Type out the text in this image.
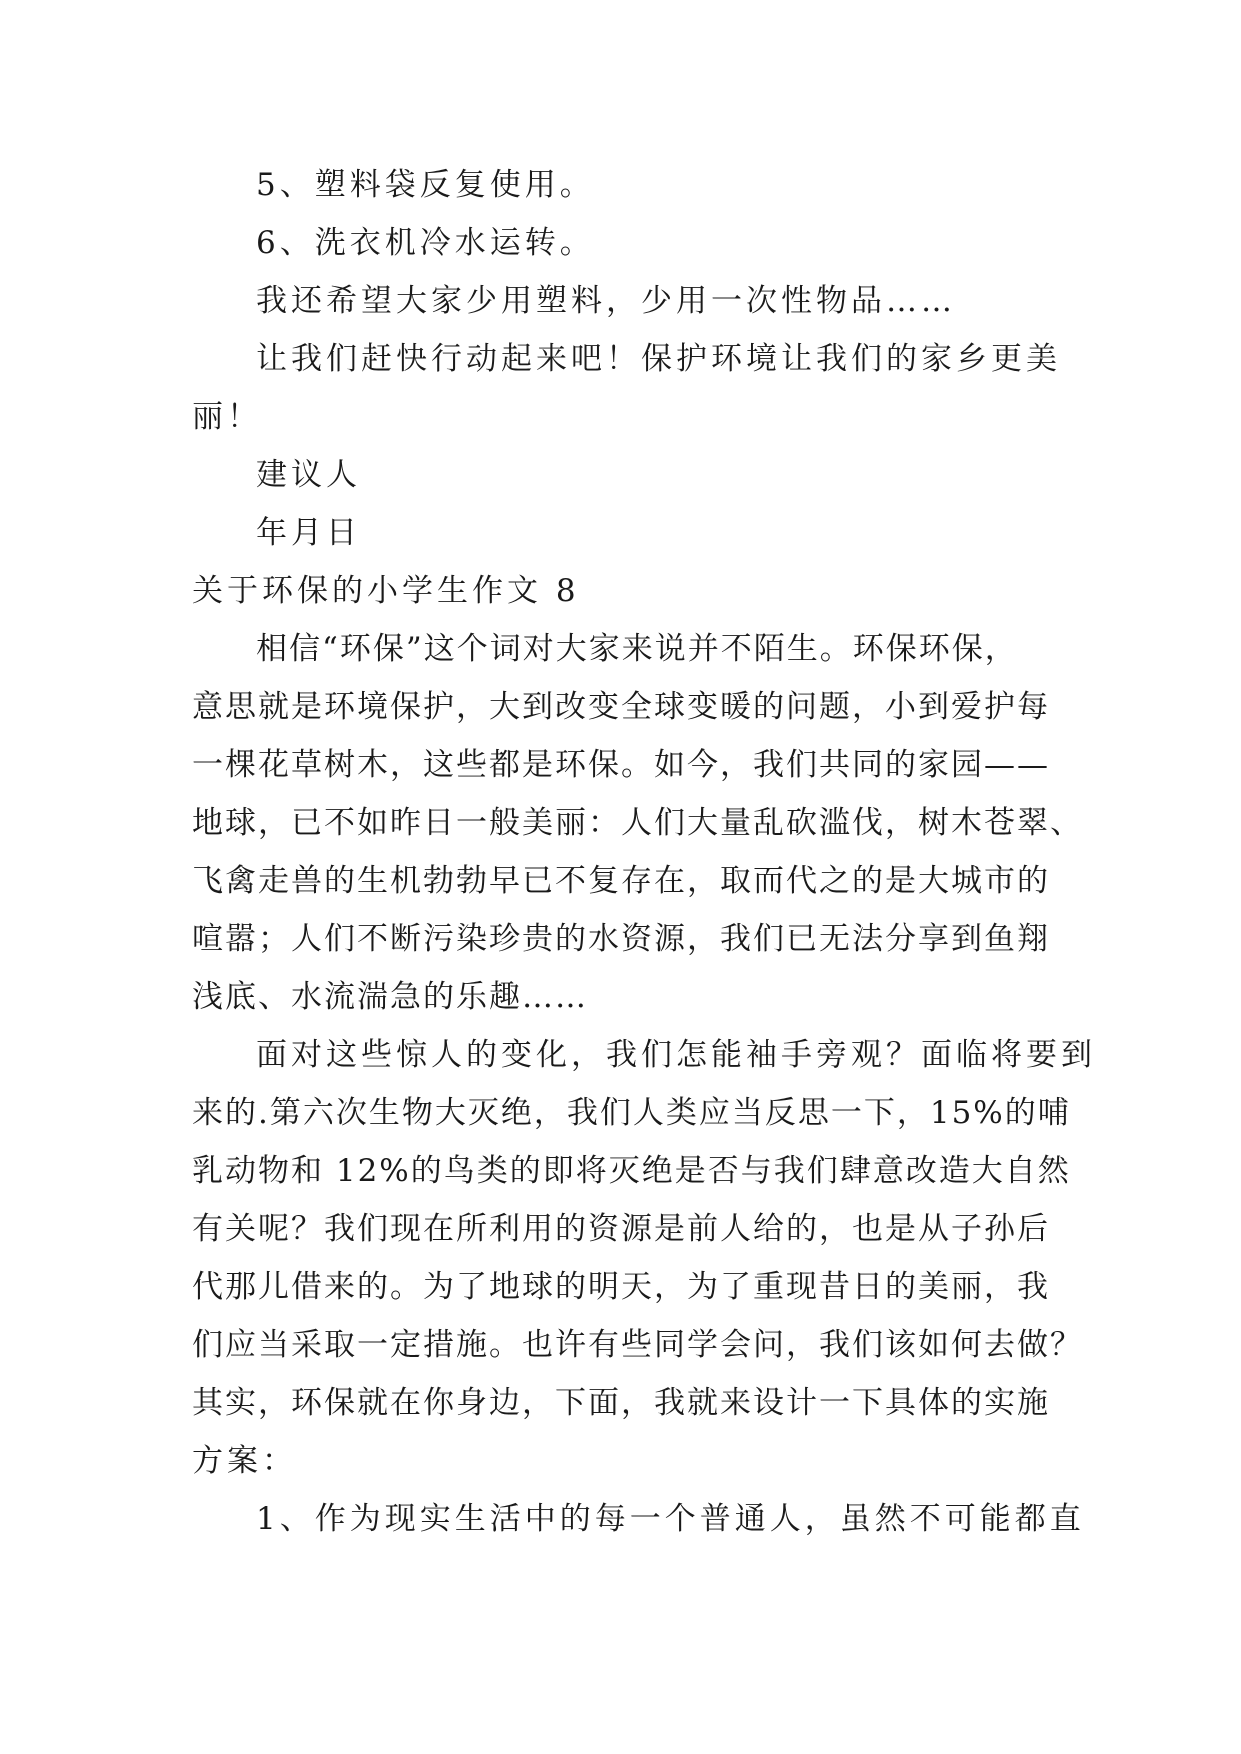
5、塑料袋反复使用。
6、洗衣机冷水运转。
我还希望大家少用塑料，少用一次性物品……
让我们赶快行动起来吧！保护环境让我们的家乡更美
丽！
建议人
年月日
关于环保的小学生作文 8
相信“环保”这个词对大家来说并不陌生。环保环保，
意思就是环境保护，大到改变全球变暖的问题，小到爱护每
一棵花草树木，这些都是环保。如今，我们共同的家园——
地球，已不如昨日一般美丽：人们大量乱砍滥伐，树木苍翠、
飞禽走兽的生机勃勃早已不复存在，取而代之的是大城市的
喧嚣；人们不断污染珍贵的水资源，我们已无法分享到鱼翔
浅底、水流湍急的乐趣……
面对这些惊人的变化，我们怎能袖手旁观？面临将要到
来的.第六次生物大灭绝，我们人类应当反思一下，15%的哺
乳动物和 12%的鸟类的即将灭绝是否与我们肆意改造大自然
有关呢？我们现在所利用的资源是前人给的，也是从子孙后
代那儿借来的。为了地球的明天，为了重现昔日的美丽，我
们应当采取一定措施。也许有些同学会问，我们该如何去做？
其实，环保就在你身边，下面，我就来设计一下具体的实施
方案：
1、作为现实生活中的每一个普通人，虽然不可能都直
